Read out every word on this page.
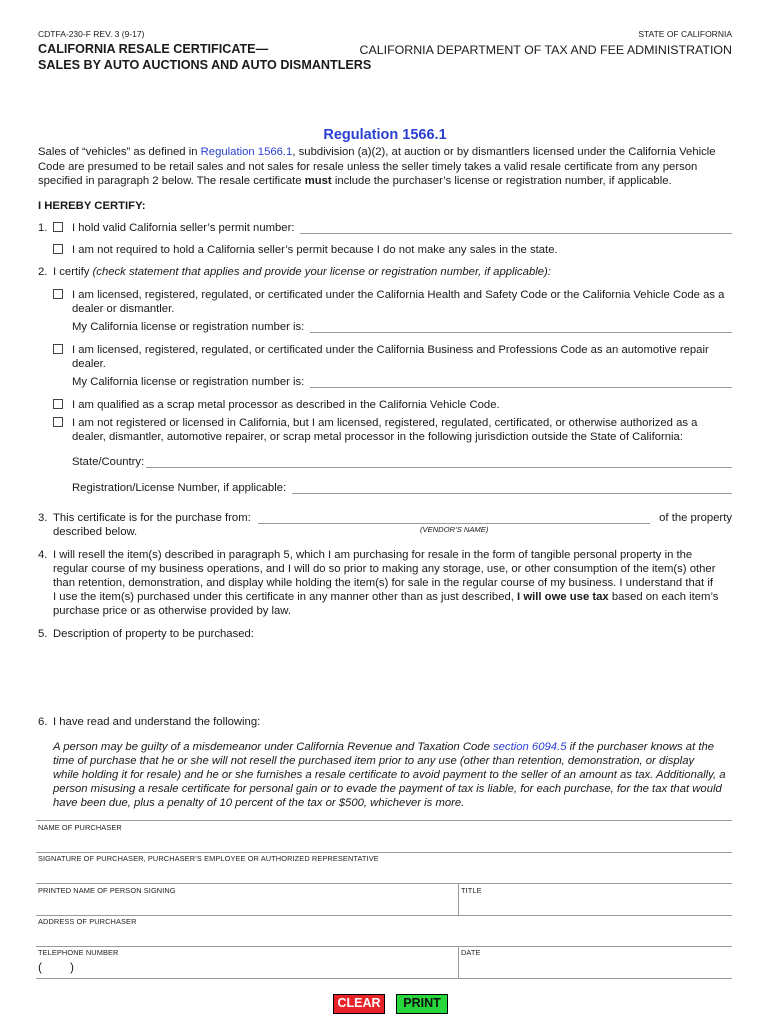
CDTFA-230-F REV. 3 (9-17)	STATE OF CALIFORNIA
CALIFORNIA RESALE CERTIFICATE—
SALES BY AUTO AUCTIONS AND AUTO DISMANTLERS
CALIFORNIA DEPARTMENT OF TAX AND FEE ADMINISTRATION
Regulation 1566.1

Sales of “vehicles” as defined in Regulation 1566.1, subdivision (a)(2), at auction or by dismantlers licensed under the California Vehicle

Code are presumed to be retail sales and not sales for resale unless the seller timely takes a valid resale certificate from any person

specified in paragraph 2 below. The resale certificate must include the purchaser’s license or registration number, if applicable.

I HEREBY CERTIFY:
1. I hold valid California seller’s permit number:
I am not required to hold a California seller’s permit because I do not make any sales in the state.
2. I certify (check statement that applies and provide your license or registration number, if applicable):

I am licensed, registered, regulated, or certificated under the California Health and Safety Code or the California Vehicle Code as a
dealer or dismantler.
My California license or registration number is:
I am licensed, registered, regulated, or certificated under the California Business and Professions Code as an automotive repair
dealer.
My California license or registration number is:
I am qualified as a scrap metal processor as described in the California Vehicle Code.
I am not registered or licensed in California, but I am licensed, registered, regulated, certificated, or otherwise authorized as a
dealer, dismantler, automotive repairer, or scrap metal processor in the following jurisdiction outside the State of California:
State/Country:
Registration/License Number, if applicable:
3. This certificate is for the purchase from:	of the property
described below.	(VENDOR’S NAME)
4. I will resell the item(s) described in paragraph 5, which I am purchasing for resale in the form of tangible personal property in the
regular course of my business operations, and I will do so prior to making any storage, use, or other consumption of the item(s) other
than retention, demonstration, and display while holding the item(s) for sale in the regular course of my business. I understand that if

I use the item(s) purchased under this certificate in any manner other than as just described, I will owe use tax based on each item’s

purchase price or as otherwise provided by law.
5. Description of property to be purchased:
6. I have read and understand the following:

A person may be guilty of a misdemeanor under California Revenue and Taxation Code section 6094.5 if the purchaser knows at the

time of purchase that he or she will not resell the purchased item prior to any use (other than retention, demonstration, or display
while holding it for resale) and he or she furnishes a resale certificate to avoid payment to the seller of an amount as tax. Additionally, a
person misusing a resale certificate for personal gain or to evade the payment of tax is liable, for each purchase, for the tax that would
have been due, plus a penalty of 10 percent of the tax or $500, whichever is more.
NAME OF PURCHASER
SIGNATURE OF PURCHASER, PURCHASER’S EMPLOYEE OR AUTHORIZED REPRESENTATIVE
PRINTED NAME OF PERSON SIGNING	TITLE
ADDRESS OF PURCHASER
TELEPHONE NUMBER
( )
DATE
CLEAR	PRINT
